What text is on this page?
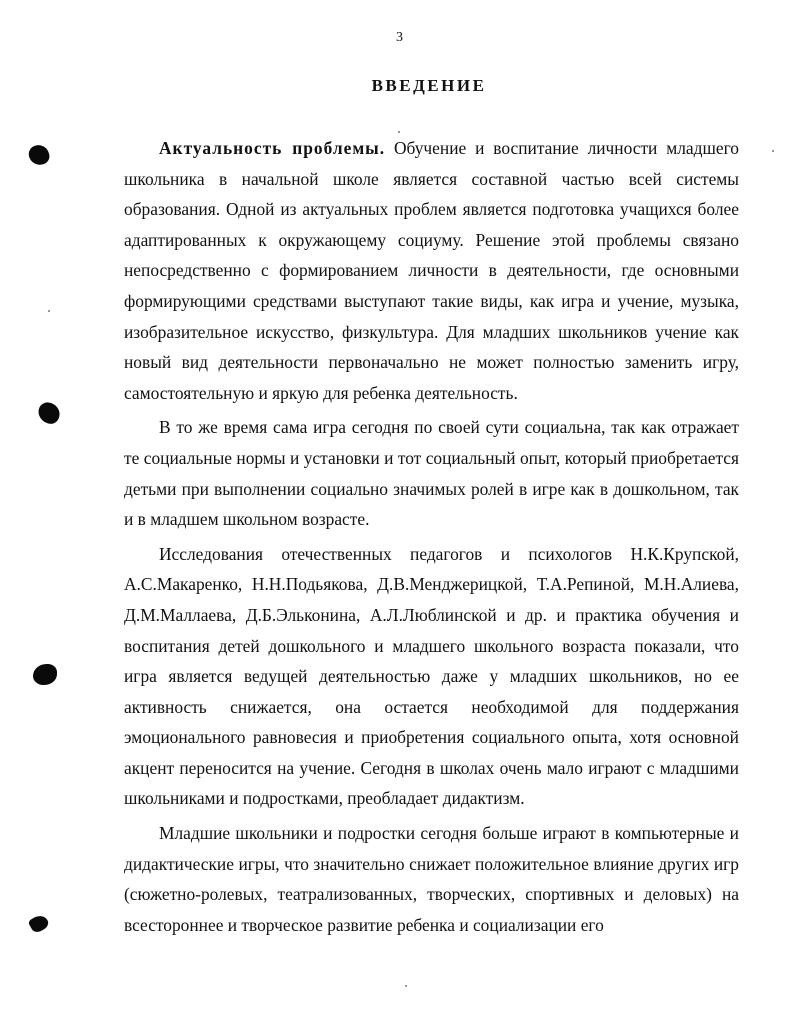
3
ВВЕДЕНИЕ

Актуальность проблемы. Обучение и воспитание личности младшего школьника в начальной школе является составной частью всей системы образования. Одной из актуальных проблем является подготовка учащихся более адаптированных к окружающему социуму. Решение этой проблемы связано непосредственно с формированием личности в деятельности, где основными формирующими средствами выступают такие виды, как игра и учение, музыка, изобразительное искусство, физкультура. Для младших школьников учение как новый вид деятельности первоначально не может полностью заменить игру, самостоятельную и яркую для ребенка деятельность.

В то же время сама игра сегодня по своей сути социальна, так как отражает те социальные нормы и установки и тот социальный опыт, который приобретается детьми при выполнении социально значимых ролей в игре как в дошкольном, так и в младшем школьном возрасте.

Исследования отечественных педагогов и психологов Н.К.Крупской, А.С.Макаренко, Н.Н.Подьякова, Д.В.Менджерицкой, Т.А.Репиной, М.Н.Алиева, Д.М.Маллаева, Д.Б.Эльконина, А.Л.Люблинской и др. и практика обучения и воспитания детей дошкольного и младшего школьного возраста показали, что игра является ведущей деятельностью даже у младших школьников, но ее активность снижается, она остается необходимой для поддержания эмоционального равновесия и приобретения социального опыта, хотя основной акцент переносится на учение. Сегодня в школах очень мало играют с младшими школьниками и подростками, преобладает дидактизм.

Младшие школьники и подростки сегодня больше играют в компьютерные и дидактические игры, что значительно снижает положительное влияние других игр (сюжетно-ролевых, театрализованных, творческих, спортивных и деловых) на всестороннее и творческое развитие ребенка и социализации его
